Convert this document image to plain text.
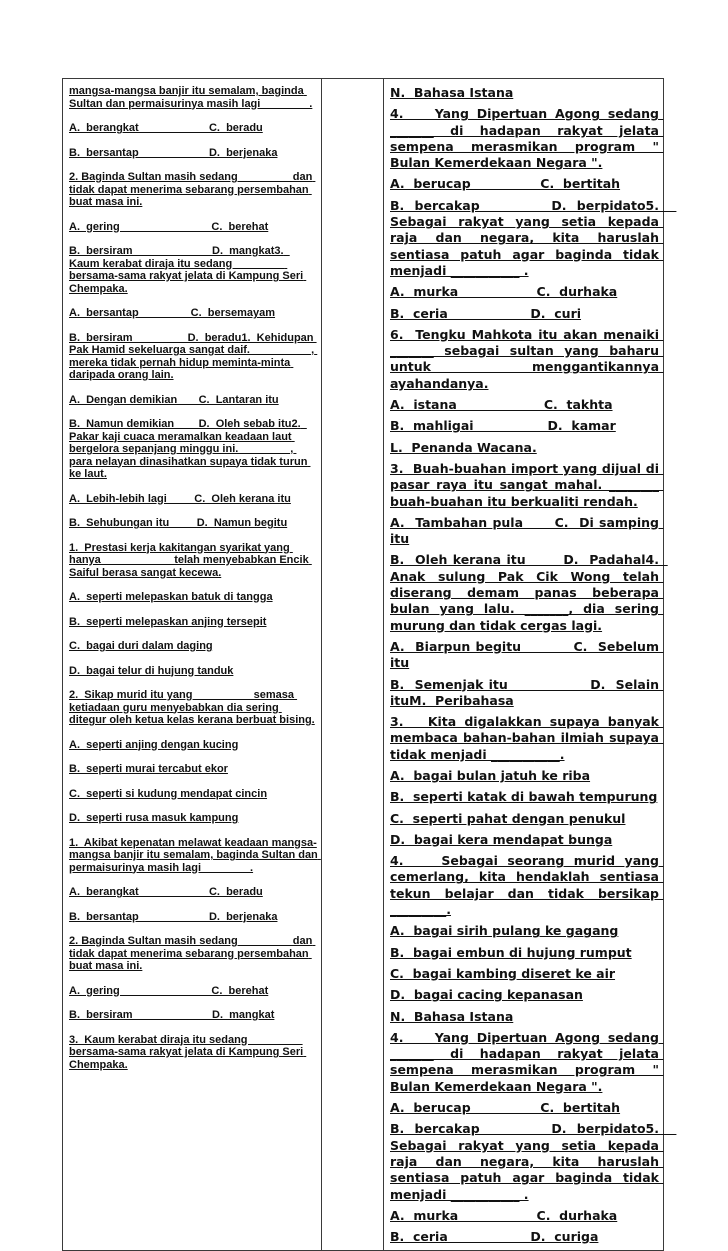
mangsa-mangsa banjir itu semalam, baginda Sultan dan permaisurinya masih lagi________.

A.  berangkat                       C.  beradu

B.  bersantap                       D.  berjenaka

2. Baginda Sultan masih sedang ________ dan tidak dapat menerima sebarang persembahan buat masa ini.

A.  gering                              C.  berehat

B.  bersiram                          D.  mangkat3.  Kaum kerabat diraja itu sedang ________ bersama-sama rakyat jelata di Kampung Seri Chempaka.

A.  bersantap                 C.  bersemayam

B.  bersiram                  D.  beradu1.  Kehidupan Pak Hamid sekeluarga sangat daif.  _________, mereka tidak pernah hidup meminta-minta daripada orang lain.

A.  Dengan demikian       C.  Lantaran itu

B.  Namun demikian        D.  Oleh sebab itu2.  Pakar kaji cuaca meramalkan keadaan laut bergelora sepanjang minggu ini. ________, para nelayan dinasihatkan supaya tidak turun ke laut.

A.  Lebih-lebih lagi         C.  Oleh kerana itu

B.  Sehubungan itu         D.  Namun begitu

1.  Prestasi kerja kakitangan syarikat yang hanya ___________ telah menyebabkan Encik Saiful berasa sangat kecewa.

A.  seperti melepaskan batuk di tangga

B.  seperti melepaskan anjing tersepit

C.  bagai duri dalam daging

D.  bagai telur di hujung tanduk

2.  Sikap murid itu yang _________ semasa ketiadaan guru menyebabkan dia sering ditegur oleh ketua kelas kerana berbuat bising.

A.  seperti anjing dengan kucing

B.  seperti murai tercabut ekor

C.  seperti si kudung mendapat cincin

D.  seperti rusa masuk kampung

1.  Akibat kepenatan melawat keadaan mangsa-mangsa banjir itu semalam, baginda Sultan dan permaisurinya masih lagi________.

A.  berangkat                       C.  beradu

B.  bersantap                       D.  berjenaka

2. Baginda Sultan masih sedang ________ dan tidak dapat menerima sebarang persembahan buat masa ini.

A.  gering                              C.  berehat

B.  bersiram                          D.  mangkat

3.  Kaum kerabat diraja itu sedang ________ bersama-sama rakyat jelata di Kampung Seri Chempaka.

N.  Bahasa Istana

4.    Yang Dipertuan Agong sedang _______ di hadapan rakyat jelata sempena merasmikan program " Bulan Kemerdekaan Negara ".

A.  berucap                C.  bertitah

B.  bercakap              D.  berpidato5.    Sebagai rakyat yang setia kepada raja dan negara, kita haruslah sentiasa patuh agar baginda tidak menjadi ___________ .

A.  murka                  C.  durhaka

B.  ceria                   D.  curi

6.  Tengku Mahkota itu akan menaiki _______ sebagai sultan yang baharu untuk menggantikannya ayahandanya.

A.  istana                    C.  takhta

B.  mahligai                 D.  kamar

L.  Penanda Wacana.

3.  Buah-buahan import yang dijual di pasar raya itu sangat mahal. ________ buah-buahan itu berkualiti rendah.

A.  Tambahan pula      C.  Di samping itu

B.  Oleh kerana itu       D.  Padahal4.  Anak sulung Pak Cik Wong telah diserang demam panas beberapa bulan yang lalu. _______, dia sering murung dan tidak cergas lagi.

A.  Biarpun begitu          C.  Sebelum itu

B.  Semenjak itu                D.  Selain ituM.  Peribahasa

3.   Kita digalakkan supaya banyak membaca bahan-bahan ilmiah supaya tidak menjadi ___________.

A.  bagai bulan jatuh ke riba

B.  seperti katak di bawah tempurung

C.  seperti pahat dengan penukul

D.  bagai kera mendapat bunga

4.    Sebagai seorang murid yang cemerlang, kita hendaklah sentiasa tekun belajar dan tidak bersikap _________.

A.  bagai sirih pulang ke gagang

B.  bagai embun di hujung rumput

C.  bagai kambing diseret ke air

D.  bagai cacing kepanasan

N.  Bahasa Istana

4.    Yang Dipertuan Agong sedang _______ di hadapan rakyat jelata sempena merasmikan program " Bulan Kemerdekaan Negara ".

A.  berucap                C.  bertitah

B.  bercakap              D.  berpidato5.    Sebagai rakyat yang setia kepada raja dan negara, kita haruslah sentiasa patuh agar baginda tidak menjadi ___________ .

A.  murka                  C.  durhaka

B.  ceria                   D.  curiga
